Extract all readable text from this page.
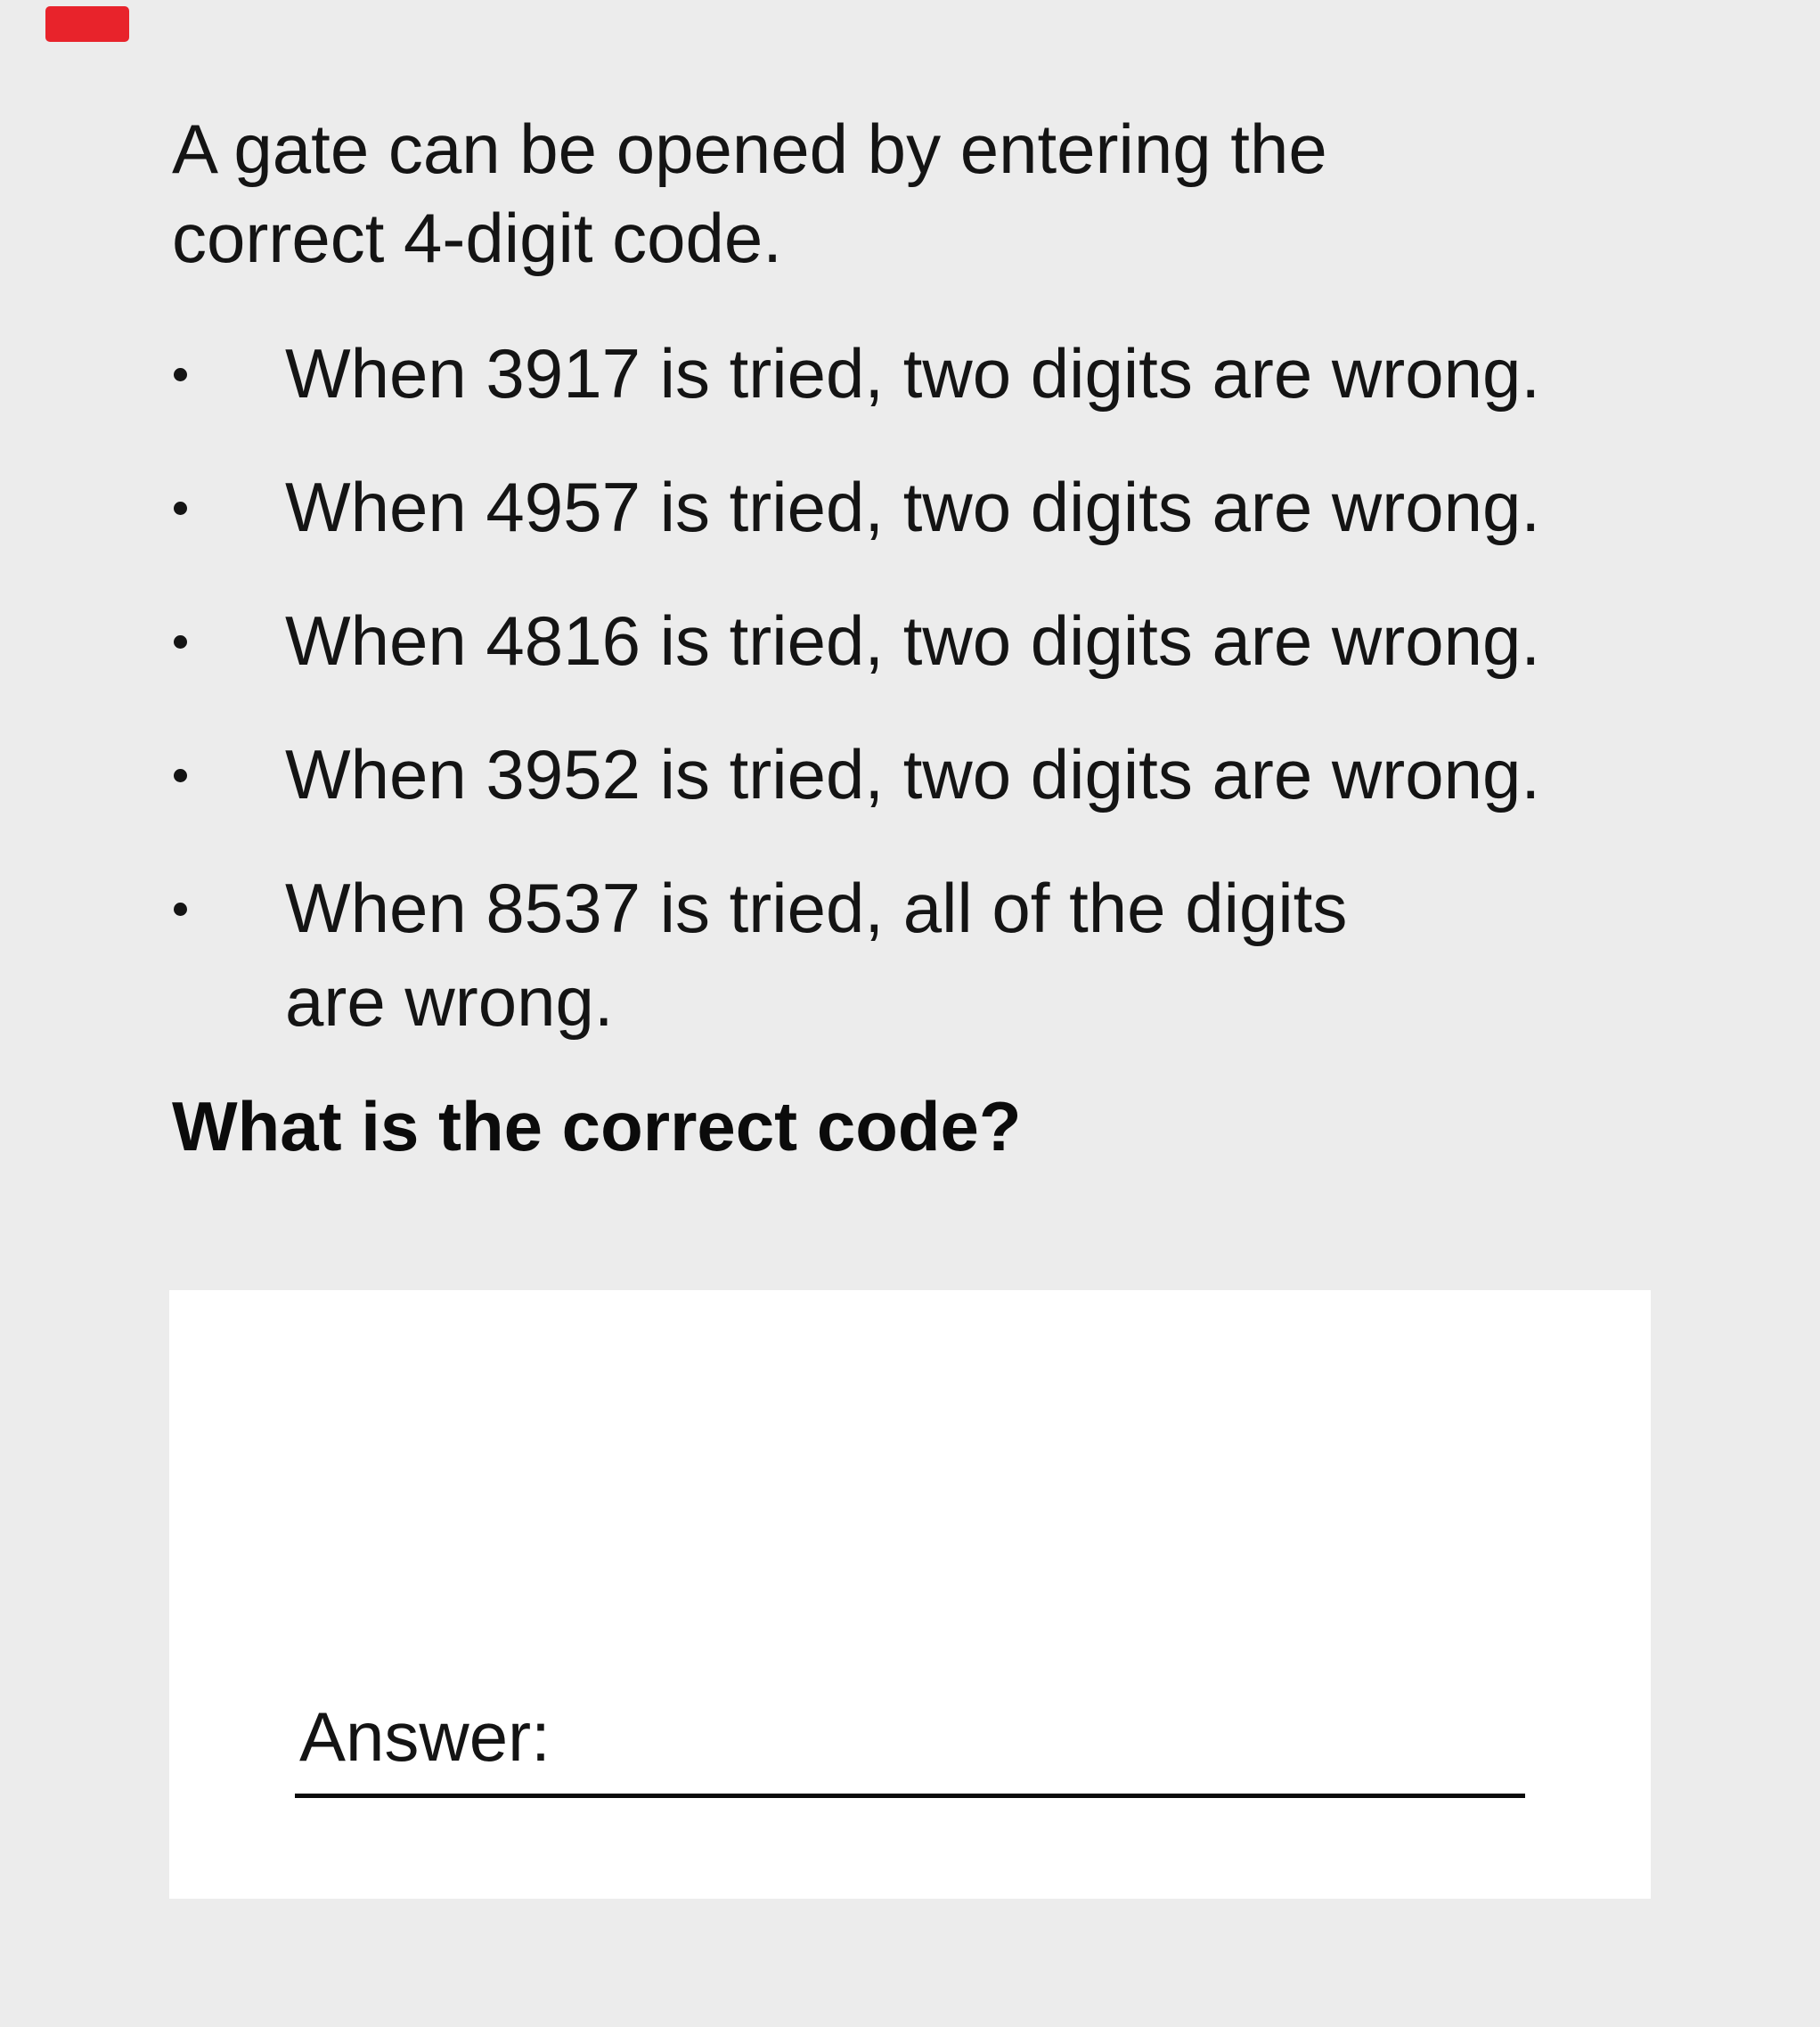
A gate can be opened by entering the correct 4-digit code.
When 3917 is tried, two digits are wrong.
When 4957 is tried, two digits are wrong.
When 4816 is tried, two digits are wrong.
When 3952 is tried, two digits are wrong.
When 8537 is tried, all of the digits are wrong.
What is the correct code?
Answer:
